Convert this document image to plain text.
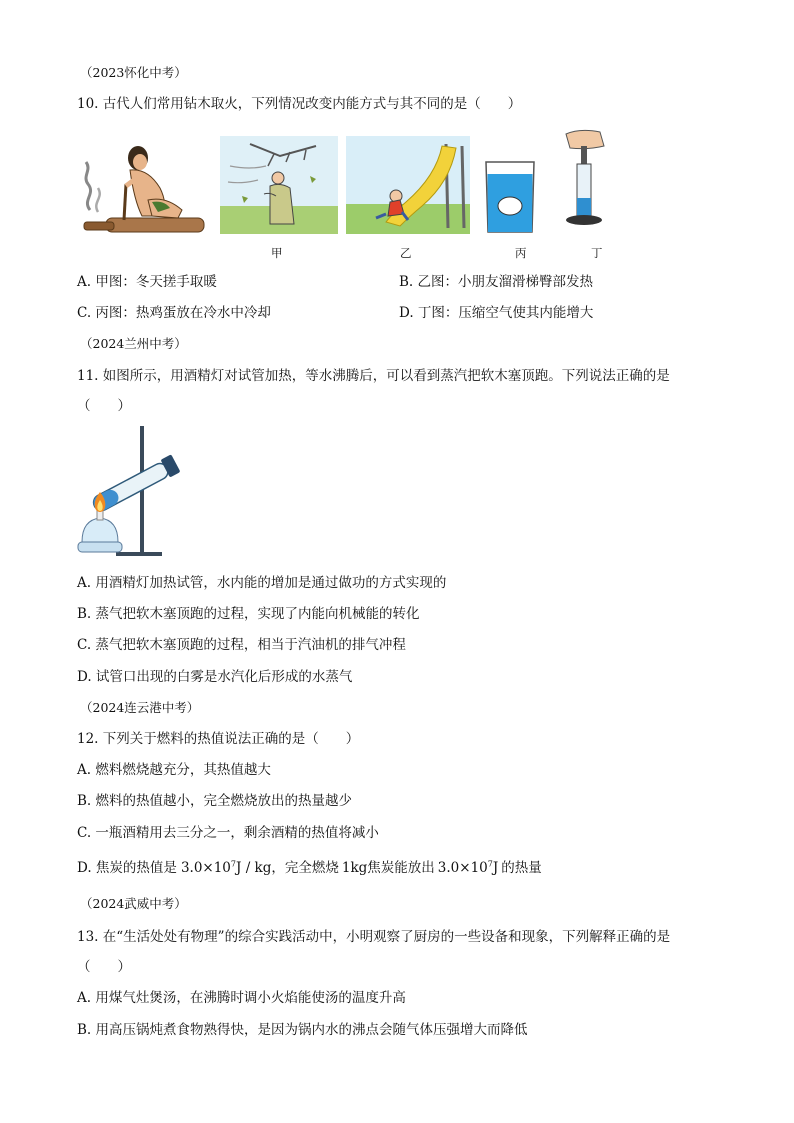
（2023怀化中考）
10. 古代人们常用钻木取火，下列情况改变内能方式与其不同的是（　　）
甲	乙	丙	丁
A. 甲图：冬天搓手取暖	B. 乙图：小朋友溜滑梯臀部发热
C. 丙图：热鸡蛋放在冷水中冷却	D. 丁图：压缩空气使其内能增大
（2024兰州中考）
11. 如图所示，用酒精灯对试管加热，等水沸腾后，可以看到蒸汽把软木塞顶跑。下列说法正确的是
（　　）
A. 用酒精灯加热试管，水内能的增加是通过做功的方式实现的
B. 蒸气把软木塞顶跑的过程，实现了内能向机械能的转化
C. 蒸气把软木塞顶跑的过程，相当于汽油机的排气冲程
D. 试管口出现的白雾是水汽化后形成的水蒸气
（2024连云港中考）
12. 下列关于燃料的热值说法正确的是（　　）
A. 燃料燃烧越充分，其热值越大
B. 燃料的热值越小，完全燃烧放出的热量越少
C. 一瓶酒精用去三分之一，剩余酒精的热值将减小
D. 焦炭的热值是 $3.0\times 10^7J$ / kg，完全燃烧 1kg焦炭能放出 $3.0\times 10^7J$ 的热量
（2024武威中考）
13. 在“生活处处有物理”的综合实践活动中，小明观察了厨房的一些设备和现象，下列解释正确的是
（　　）
A. 用煤气灶煲汤，在沸腾时调小火焰能使汤的温度升高
B. 用高压锅炖煮食物熟得快，是因为锅内水的沸点会随气体压强增大而降低
